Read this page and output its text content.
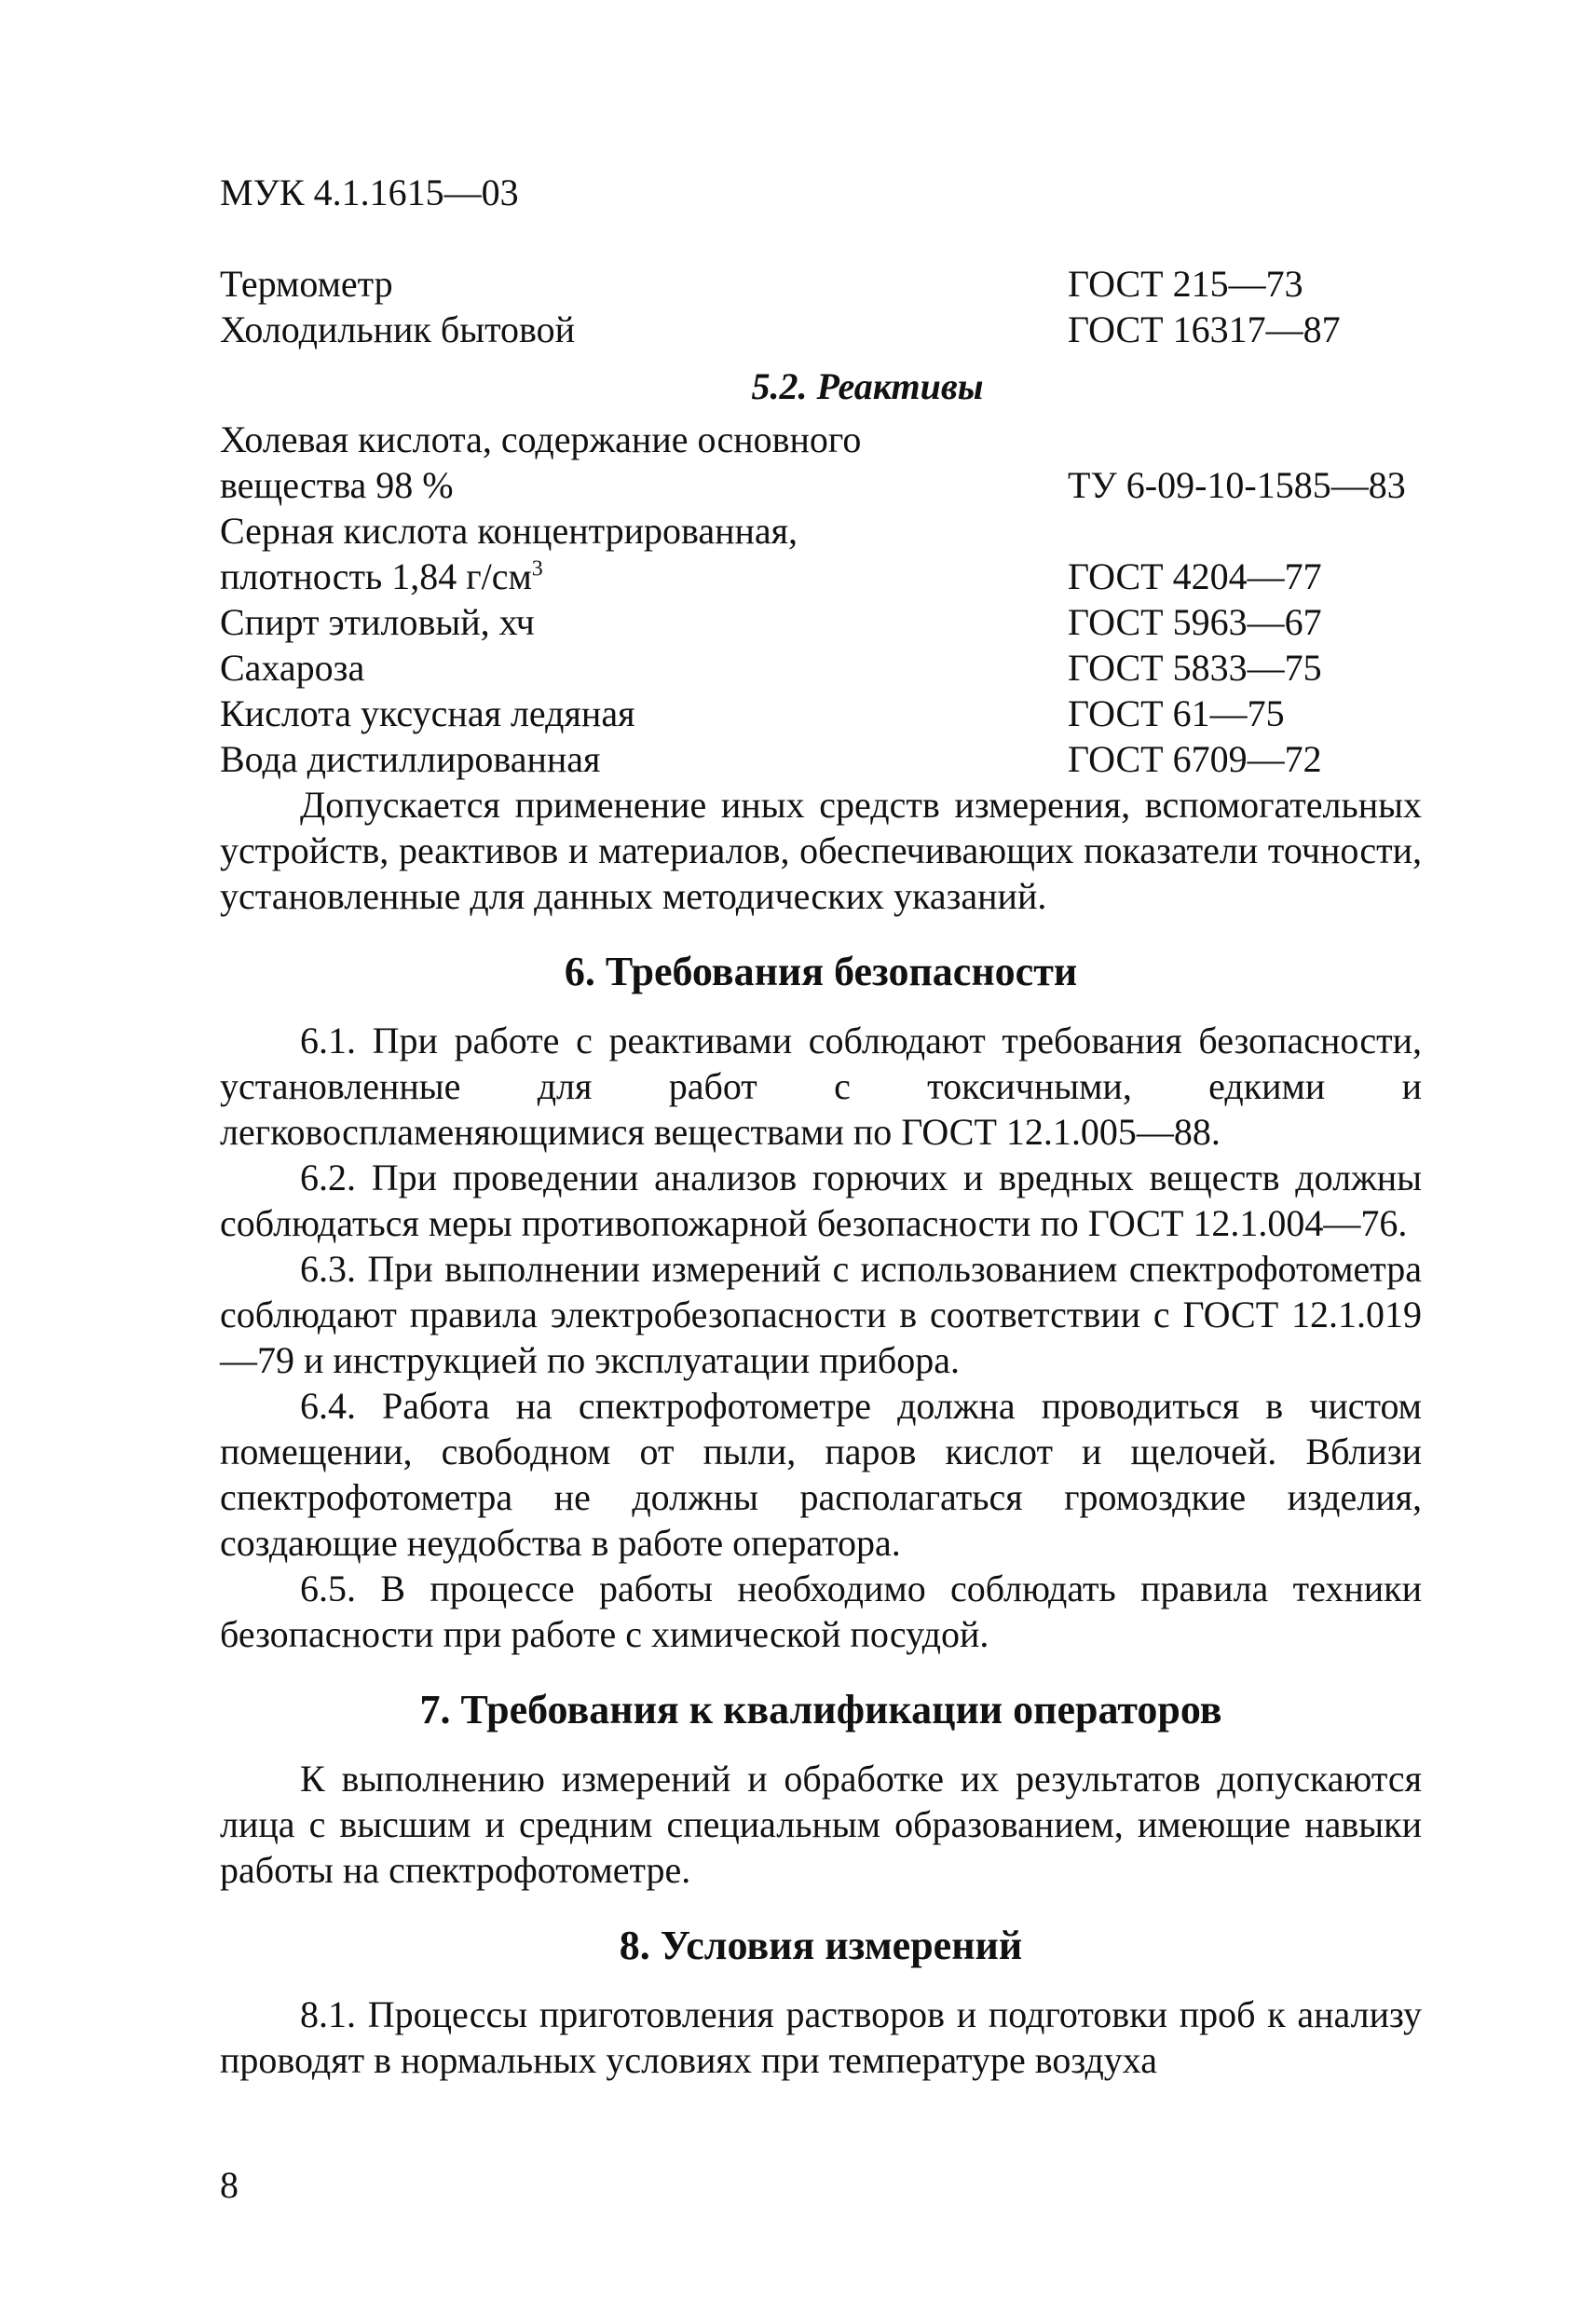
МУК 4.1.1615—03
Термометр	ГОСТ 215—73
Холодильник бытовой	ГОСТ 16317—87
5.2. Реактивы
Холевая кислота, содержание основного
вещества 98 %	ТУ 6-09-10-1585—83
Серная кислота концентрированная,
плотность 1,84 $г/см^3$	ГОСТ 4204—77
Спирт этиловый, хч	ГОСТ 5963—67
Сахароза	ГОСТ 5833—75
Кислота уксусная ледяная	ГОСТ 61—75
Вода дистиллированная	ГОСТ 6709—72

Допускается применение иных средств измерения, вспомогательных устройств, реактивов и материалов, обеспечивающих показатели точности, установленные для данных методических указаний.

6. Требования безопасности

6.1. При работе с реактивами соблюдают требования безопасности, установленные для работ с токсичными, едкими и легковоспламеняющимися веществами по ГОСТ 12.1.005—88.

6.2. При проведении анализов горючих и вредных веществ должны соблюдаться меры противопожарной безопасности по ГОСТ 12.1.004—76.

6.3. При выполнении измерений с использованием спектрофотометра соблюдают правила электробезопасности в соответствии с ГОСТ 12.1.019—79 и инструкцией по эксплуатации прибора.

6.4. Работа на спектрофотометре должна проводиться в чистом помещении, свободном от пыли, паров кислот и щелочей. Вблизи спектрофотометра не должны располагаться громоздкие изделия, создающие неудобства в работе оператора.

6.5. В процессе работы необходимо соблюдать правила техники безопасности при работе с химической посудой.

7. Требования к квалификации операторов

К выполнению измерений и обработке их результатов допускаются лица с высшим и средним специальным образованием, имеющие навыки работы на спектрофотометре.

8. Условия измерений

8.1. Процессы приготовления растворов и подготовки проб к анализу проводят в нормальных условиях при температуре воздуха

8
